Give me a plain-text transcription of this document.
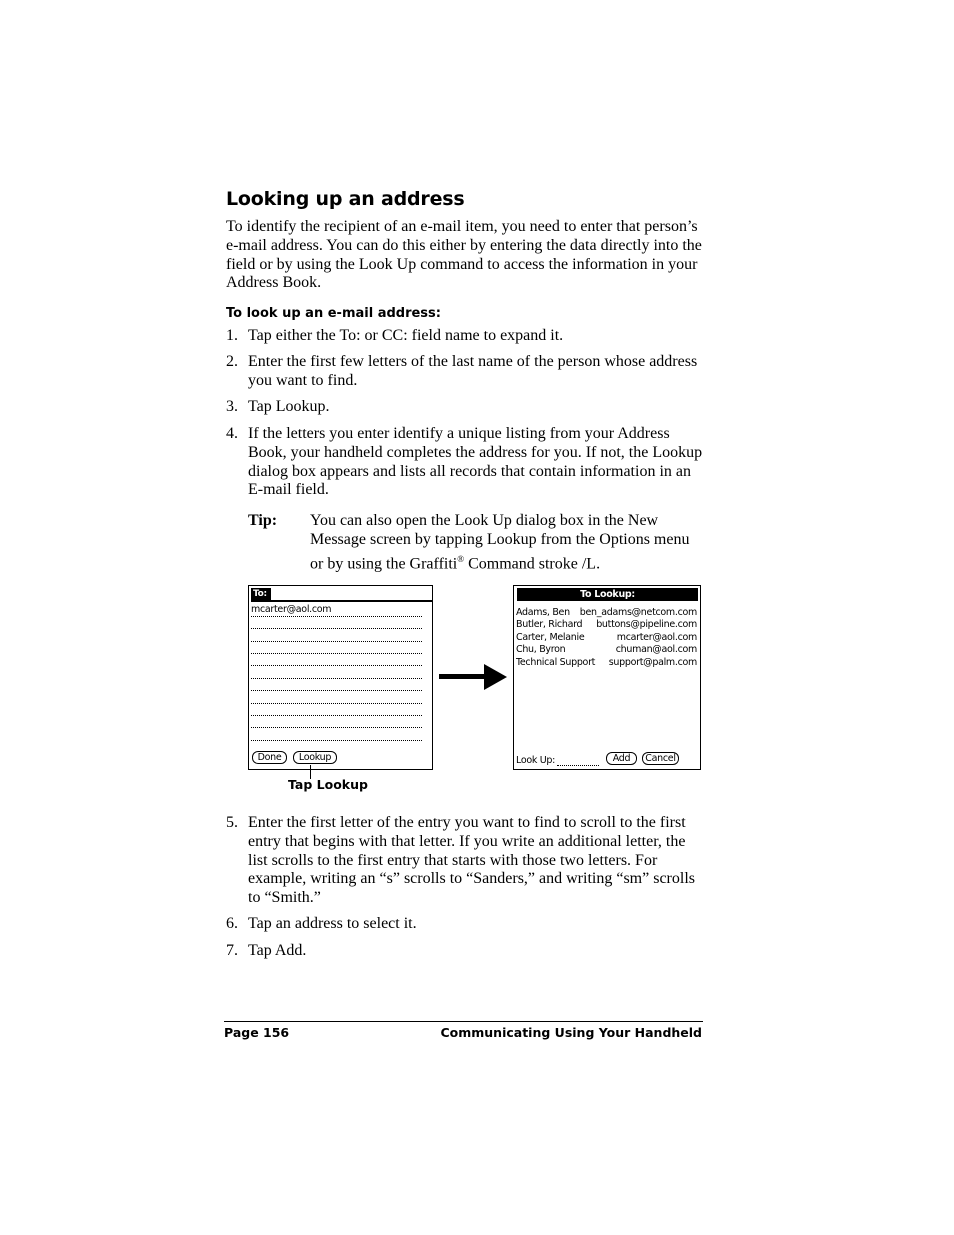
Looking up an address
To identify the recipient of an e-mail item, you need to enter that person’s e-mail address. You can do this either by entering the data directly into the field or by using the Look Up command to access the information in your Address Book.
To look up an e-mail address:
1. Tap either the To: or CC: field name to expand it.
2. Enter the first few letters of the last name of the person whose address you want to find.
3. Tap Lookup.
4. If the letters you enter identify a unique listing from your Address Book, your handheld completes the address for you. If not, the Lookup dialog box appears and lists all records that contain information in an E-mail field.
Tip: You can also open the Look Up dialog box in the New Message screen by tapping Lookup from the Options menu or by using the Graffiti® Command stroke /L.
To:
mcarter@aol.com
Done	Lookup
To Lookup:
Adams, Ben ben_adams@netcom.com
Butler, Richard buttons@pipeline.com
Carter, Melanie	mcarter@aol.com
Chu, Byron	chuman@aol.com
Technical Support support@palm.com
Look Up:	Add	Cancel
Tap Lookup
5. Enter the first letter of the entry you want to find to scroll to the first entry that begins with that letter. If you write an additional letter, the list scrolls to the first entry that starts with those two letters. For example, writing an “s” scrolls to “Sanders,” and writing “sm” scrolls to “Smith.”
6. Tap an address to select it.
7. Tap Add.
Page 156	Communicating Using Your Handheld
